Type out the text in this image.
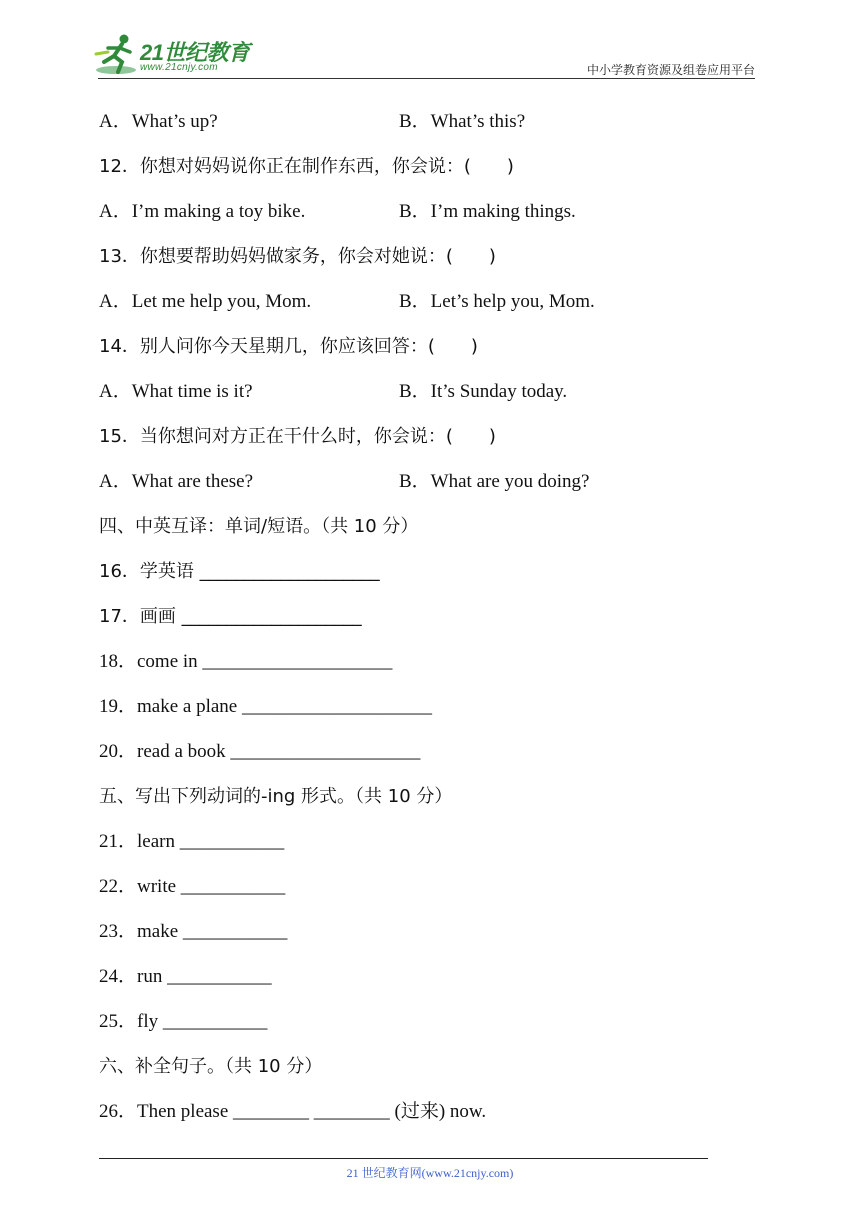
21世纪教育
www.21cnjy.com	中小学教育资源及组卷应用平台
A．What’s up?	B．What’s this?
12．你想对妈妈说你正在制作东西，你会说：(　　)
A．I’m making a toy bike.	B．I’m making things.
13．你想要帮助妈妈做家务，你会对她说：(　　)
A．Let me help you, Mom.	B．Let’s help you, Mom.
14．别人问你今天星期几，你应该回答：(　　)
A．What time is it?	B．It’s Sunday today.
15．当你想问对方正在干什么时，你会说：(　　)
A．What are these?	B．What are you doing?
四、中英互译：单词/短语。（共 10 分）
16．学英语 ____________________
17．画画 ____________________
18．come in ____________________
19．make a plane ____________________
20．read a book ____________________
五、写出下列动词的-ing 形式。（共 10 分）
21．learn ___________
22．write ___________
23．make ___________
24．run ___________
25．fly ___________
六、补全句子。（共 10 分）
26．Then please ________ ________ (过来) now.
21 世纪教育网(www.21cnjy.com)
